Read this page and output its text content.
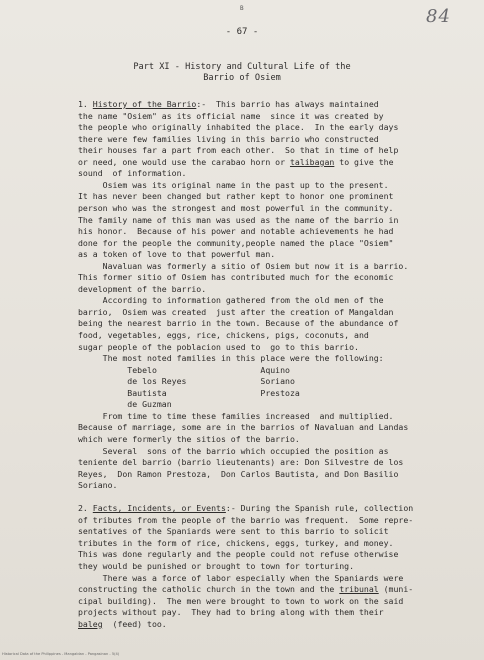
B	84
- 67 -
Part XI - History and Cultural Life of the
Barrio of Osiem
1. History of the Barrio:-  This barrio has always maintained
the name "Osiem" as its official name  since it was created by
the people who originally inhabited the place.  In the early days
there were few families living in this barrio who constructed
their houses far a part from each other.  So that in time of help
or need, one would use the carabao horn or talibagan to give the
sound  of information.
Osiem was its original name in the past up to the present.
It has never been changed but rather kept to honor one prominent
person who was the strongest and most powerful in the community.
The family name of this man was used as the name of the barrio in
his honor.  Because of his power and notable achievements he had
done for the people the community,people named the place "Osiem"
as a token of love to that powerful man.
Navaluan was formerly a sitio of Osiem but now it is a barrio.
This former sitio of Osiem has contributed much for the economic
development of the barrio.
According to information gathered from the old men of the
barrio,  Osiem was created  just after the creation of Mangaldan
being the nearest barrio in the town. Because of the abundance of
food, vegetables, eggs, rice, chickens, pigs, coconuts, and
sugar people of the poblacion used to  go to this barrio.
The most noted families in this place were the following:
Tebelo                     Aquino
de los Reyes               Soriano
Bautista                   Prestoza
de Guzman
From time to time these families increased  and multiplied.
Because of marriage, some are in the barrios of Navaluan and Landas
which were formerly the sitios of the barrio.
Several  sons of the barrio which occupied the position as
teniente del barrio (barrio lieutenants) are: Don Silvestre de los
Reyes,  Don Ramon Prestoza,  Don Carlos Bautista, and Don Basilio
Soriano.
2. Facts, Incidents, or Events:- During the Spanish rule, collection
of tributes from the people of the barrio was frequent.  Some repre-
sentatives of the Spaniards were sent to this barrio to solicit
tributes in the form of rice, chickens, eggs, turkey, and money.
This was done regularly and the people could not refuse otherwise
they would be punished or brought to town for torturing.
There was a force of labor especially when the Spaniards were
constructing the catholic church in the town and the tribunal (muni-
cipal building).  The men were brought to town to work on the said
projects without pay.  They had to bring along with them their
baleg  (feed) too.
Historical Data of the Philippines - Mangaldan - Pangasinan - 5(4)
